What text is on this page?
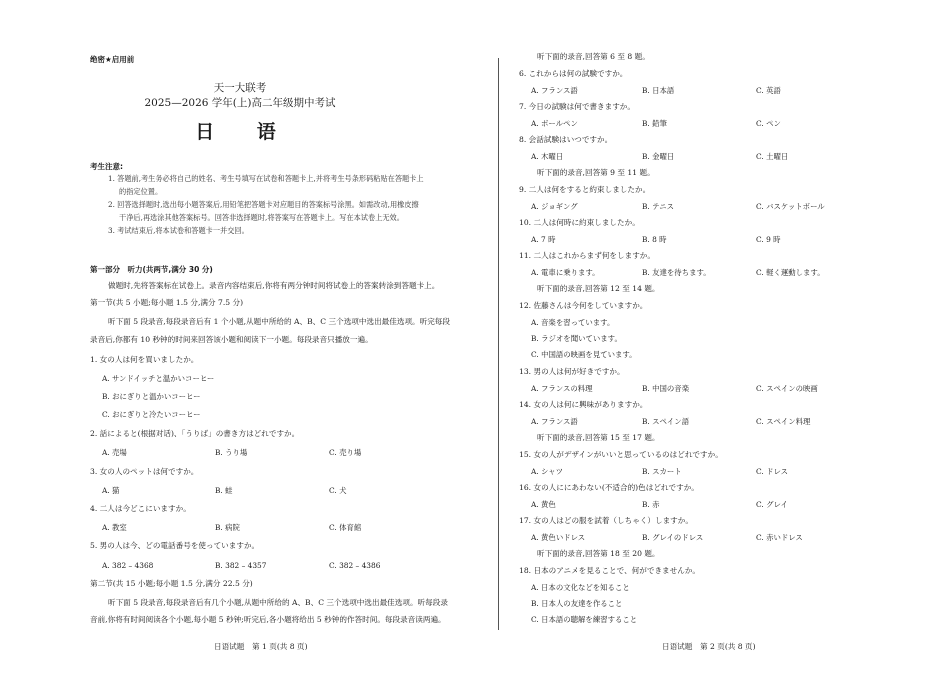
绝密★启用前
天一大联考
2025—2026 学年(上)高二年级期中考试
日 语
考生注意:
1. 答题前,考生务必将自己的姓名、考生号填写在试卷和答题卡上,并将考生号条形码粘贴在答题卡上
的指定位置。
2. 回答选择题时,选出每小题答案后,用铅笔把答题卡对应题目的答案标号涂黑。如需改动,用橡皮擦
干净后,再选涂其他答案标号。回答非选择题时,将答案写在答题卡上。写在本试卷上无效。
3. 考试结束后,将本试卷和答题卡一并交回。
第一部分　听力(共两节,满分 30 分)
做题时,先将答案标在试卷上。录音内容结束后,你将有两分钟时间将试卷上的答案转涂到答题卡上。
第一节(共 5 小题;每小题 1.5 分,满分 7.5 分)
听下面 5 段录音,每段录音后有 1 个小题,从题中所给的 A、B、C 三个选项中选出最佳选项。听完每段
录音后,你都有 10 秒钟的时间来回答该小题和阅读下一小题。每段录音只播放一遍。
1. 女の人は何を買いましたか。
A. サンドイッチと温かいコーヒー
B. おにぎりと温かいコーヒー
C. おにぎりと冷たいコーヒー
2. 話によると(根据对话)、「うりば」の書き方はどれですか。
A. 売場	B. うり場	C. 売り場
3. 女の人のペットは何ですか。
A. 猫	B. 蛙	C. 犬
4. 二人は今どこにいますか。
A. 教室	B. 病院	C. 体育館
5. 男の人は今、どの電話番号を使っていますか。
A. 382 – 4368	B. 382 – 4357	C. 382 – 4386
第二节(共 15 小题;每小题 1.5 分,满分 22.5 分)
听下面 5 段录音,每段录音后有几个小题,从题中所给的 A、B、C 三个选项中选出最佳选项。听每段录
音前,你将有时间阅读各个小题,每小题 5 秒钟;听完后,各小题将给出 5 秒钟的作答时间。每段录音读两遍。
日语试题　第 1 页(共 8 页)
听下面的录音,回答第 6 至 8 题。
6. これからは何の試験ですか。
A. フランス語	B. 日本語	C. 英語
7. 今日の試験は何で書きますか。
A. ボールペン	B. 鉛筆	C. ペン
8. 会話試験はいつですか。
A. 木曜日	B. 金曜日	C. 土曜日
听下面的录音,回答第 9 至 11 题。
9. 二人は何をすると約束しましたか。
A. ジョギング	B. テニス	C. バスケットボール
10. 二人は何時に約束しましたか。
A. 7 時	B. 8 時	C. 9 時
11. 二人はこれからまず何をしますか。
A. 電車に乗ります。	B. 友達を待ちます。	C. 軽く運動します。
听下面的录音,回答第 12 至 14 题。
12. 佐藤さんは今何をしていますか。
A. 音楽を習っています。
B. ラジオを聞いています。
C. 中国語の映画を見ています。
13. 男の人は何が好きですか。
A. フランスの料理	B. 中国の音楽	C. スペインの映画
14. 女の人は何に興味がありますか。
A. フランス語	B. スペイン語	C. スペイン料理
听下面的录音,回答第 15 至 17 题。
15. 女の人がデザインがいいと思っているのはどれですか。
A. シャツ	B. スカート	C. ドレス
16. 女の人ににあわない(不适合的)色はどれですか。
A. 黄色	B. 赤	C. グレイ
17. 女の人はどの服を試着（しちゃく）しますか。
A. 黄色いドレス	B. グレイのドレス	C. 赤いドレス
听下面的录音,回答第 18 至 20 题。
18. 日本のアニメを見ることで、何ができませんか。
A. 日本の文化などを知ること
B. 日本人の友達を作ること
C. 日本語の聴解を練習すること
日语试题　第 2 页(共 8 页)
